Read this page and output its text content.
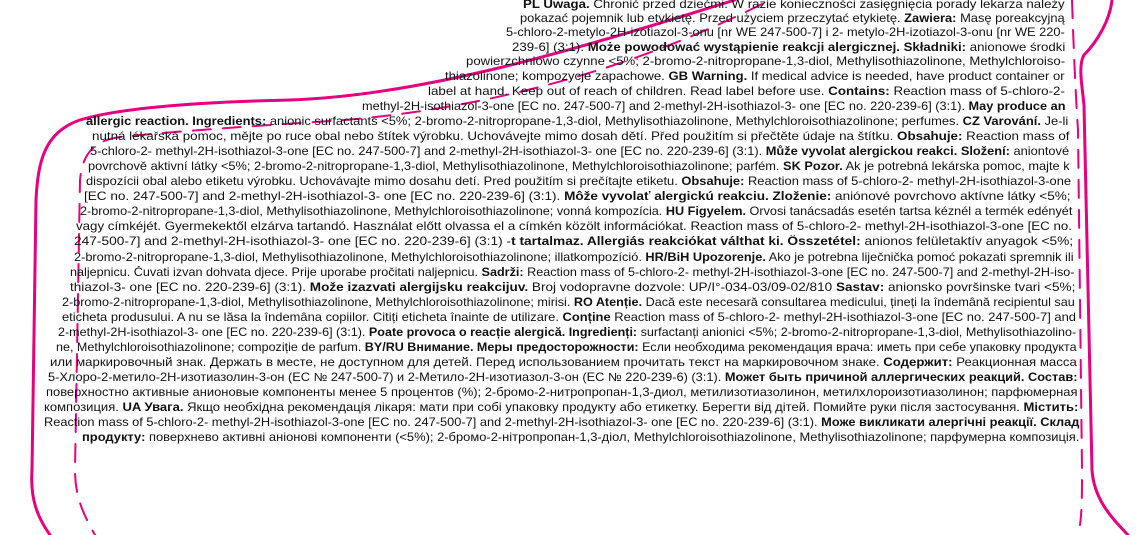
PL Uwaga. Chronić przed dziećmi. W razie konieczności zasięgnięcia porady lekarza należy
pokazać pojemnik lub etykietę. Przed użyciem przeczytać etykietę. Zawiera: Masę poreakcyjną
5-chloro-2-metylo-2H-izotiazol-3-onu [nr WE 247-500-7] i 2- metylo-2H-izotiazol-3-onu [nr WE 220-
239-6] (3:1). Może powodować wystąpienie reakcji alergicznej. Składniki: anionowe środki
powierzchniowo czynne <5%; 2-bromo-2-nitropropane-1,3-diol, Methylisothiazolinone, Methylchloroiso-
thiazolinone; kompozycje zapachowe. GB Warning. If medical advice is needed, have product container or
label at hand. Keep out of reach of children. Read label before use. Contains: Reaction mass of 5-chloro-2-
methyl-2H-isothiazol-3-one [EC no. 247-500-7] and 2-methyl-2H-isothiazol-3- one [EC no. 220-239-6] (3:1). May produce an
allergic reaction. Ingredients: anionic surfactants <5%; 2-bromo-2-nitropropane-1,3-diol, Methylisothiazolinone, Methylchloroisothiazolinone; perfumes. CZ Varování. Je-li
nutná lékařská pomoc, mějte po ruce obal nebo štítek výrobku. Uchovávejte mimo dosah dětí. Před použitím si přečtěte údaje na štítku. Obsahuje: Reaction mass of
5-chloro-2- methyl-2H-isothiazol-3-one [EC no. 247-500-7] and 2-methyl-2H-isothiazol-3- one [EC no. 220-239-6] (3:1). Může vyvolat alergickou reakci. Složení: aniontové
povrchově aktivní látky <5%; 2-bromo-2-nitropropane-1,3-diol, Methylisothiazolinone, Methylchloroisothiazolinone; parfém. SK Pozor. Ak je potrebná lekárska pomoc, majte k
dispozícii obal alebo etiketu výrobku. Uchovávajte mimo dosahu detí. Pred použitím si prečítajte etiketu. Obsahuje: Reaction mass of 5-chloro-2- methyl-2H-isothiazol-3-one
[EC no. 247-500-7] and 2-methyl-2H-isothiazol-3- one [EC no. 220-239-6] (3:1). Môže vyvolať alergickú reakciu. Zloženie: aniónové povrchovo aktívne látky <5%;
2-bromo-2-nitropropane-1,3-diol, Methylisothiazolinone, Methylchloroisothiazolinone; vonná kompozícia. HU Figyelem. Orvosi tanácsadás esetén tartsa kéznél a termék edényét
vagy címkéjét. Gyermekektől elzárva tartandó. Használat előtt olvassa el a címkén közölt információkat. Reaction mass of 5-chloro-2- methyl-2H-isothiazol-3-one [EC no.
247-500-7] and 2-methyl-2H-isothiazol-3- one [EC no. 220-239-6] (3:1) -t tartalmaz. Allergiás reakciókat válthat ki. Összetétel: anionos felületaktív anyagok <5%;
2-bromo-2-nitropropane-1,3-diol, Methylisothiazolinone, Methylchloroisothiazolinone; illatkompozíció. HR/BiH Upozorenje. Ako je potrebna liječnička pomoć pokazati spremnik ili
naljepnicu. Čuvati izvan dohvata djece. Prije uporabe pročitati naljepnicu. Sadrži: Reaction mass of 5-chloro-2- methyl-2H-isothiazol-3-one [EC no. 247-500-7] and 2-methyl-2H-iso-
thiazol-3- one [EC no. 220-239-6] (3:1). Može izazvati alergijsku reakcijuv. Broj vodopravne dozvole: UP/I°-034-03/09-02/810 Sastav: anionsko površinske tvari <5%;
2-bromo-2-nitropropane-1,3-diol, Methylisothiazolinone, Methylchloroisothiazolinone; mirisi. RO Atenție. Dacă este necesară consultarea medicului, țineți la îndemână recipientul sau
eticheta produsului. A nu se lăsa la îndemâna copiilor. Citiți eticheta înainte de utilizare. Conține Reaction mass of 5-chloro-2- methyl-2H-isothiazol-3-one [EC no. 247-500-7] and
2-methyl-2H-isothiazol-3- one [EC no. 220-239-6] (3:1). Poate provoca o reacție alergică. Ingredienți: surfactanți anionici <5%; 2-bromo-2-nitropropane-1,3-diol, Methylisothiazolino-
ne, Methylchloroisothiazolinone; compoziție de parfum. BY/RU Внимание. Меры предосторожности: Если необходима рекомендация врача: иметь при себе упаковку продукта
или маркировочный знак. Держать в месте, не доступном для детей. Перед использованием прочитать текст на маркировочном знаке. Содержит: Реакционная масса
5-Хлоро-2-метило-2H-изотиазолин-3-он (ЕС № 247-500-7) и 2-Метило-2H-изотиазол-3-он (ЕС № 220-239-6) (3:1). Может быть причиной аллергических реакций. Состав:
поверхностно активные анионовые компоненты менее 5 процентов (%); 2-бромо-2-нитропропан-1,3-диол, метилизотиазолинон, метилхлороизотиазолинон; парфюмерная
композиция. UA Увага. Якщо необхідна рекомендація лікаря: мати при собі упаковку продукту або етикетку. Берегти від дітей. Помийте руки після застосування. Містить:
Reaction mass of 5-chloro-2- methyl-2H-isothiazol-3-one [EC no. 247-500-7] and 2-methyl-2H-isothiazol-3- one [EC no. 220-239-6] (3:1). Може викликати алергічні реакції. Склад
продукту: поверхнево активні аніонові компоненти (<5%); 2-бромо-2-нітропропан-1,3-діол, Methylchloroisothiazolinone, Methylisothiazolinone; парфумерна композиція.
